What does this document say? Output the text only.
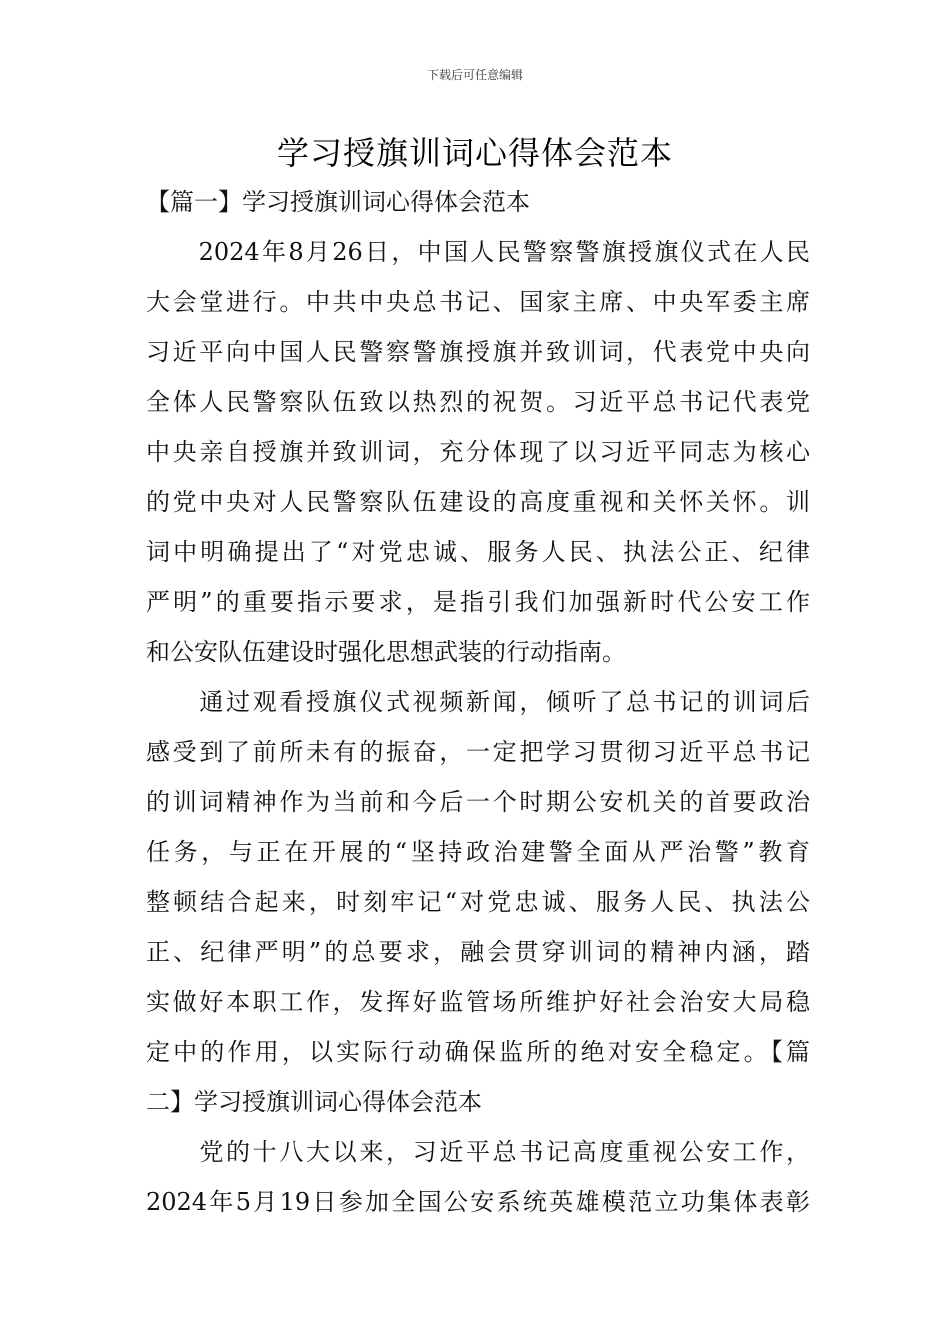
下载后可任意编辑
学习授旗训词心得体会范本
【篇一】学习授旗训词心得体会范本
　　2024年8月26日，中国人民警察警旗授旗仪式在人民
大会堂进行。中共中央总书记、国家主席、中央军委主席
习近平向中国人民警察警旗授旗并致训词，代表党中央向
全体人民警察队伍致以热烈的祝贺。习近平总书记代表党
中央亲自授旗并致训词，充分体现了以习近平同志为核心
的党中央对人民警察队伍建设的高度重视和关怀关怀。训
词中明确提出了“对党忠诚、服务人民、执法公正、纪律
严明”的重要指示要求，是指引我们加强新时代公安工作
和公安队伍建设时强化思想武装的行动指南。
　　通过观看授旗仪式视频新闻，倾听了总书记的训词后
感受到了前所未有的振奋，一定把学习贯彻习近平总书记
的训词精神作为当前和今后一个时期公安机关的首要政治
任务，与正在开展的“坚持政治建警全面从严治警”教育
整顿结合起来，时刻牢记“对党忠诚、服务人民、执法公
正、纪律严明”的总要求，融会贯穿训词的精神内涵，踏
实做好本职工作，发挥好监管场所维护好社会治安大局稳
定中的作用，以实际行动确保监所的绝对安全稳定。【篇
二】学习授旗训词心得体会范本
　　党的十八大以来，习近平总书记高度重视公安工作，
2024年5月19日参加全国公安系统英雄模范立功集体表彰
